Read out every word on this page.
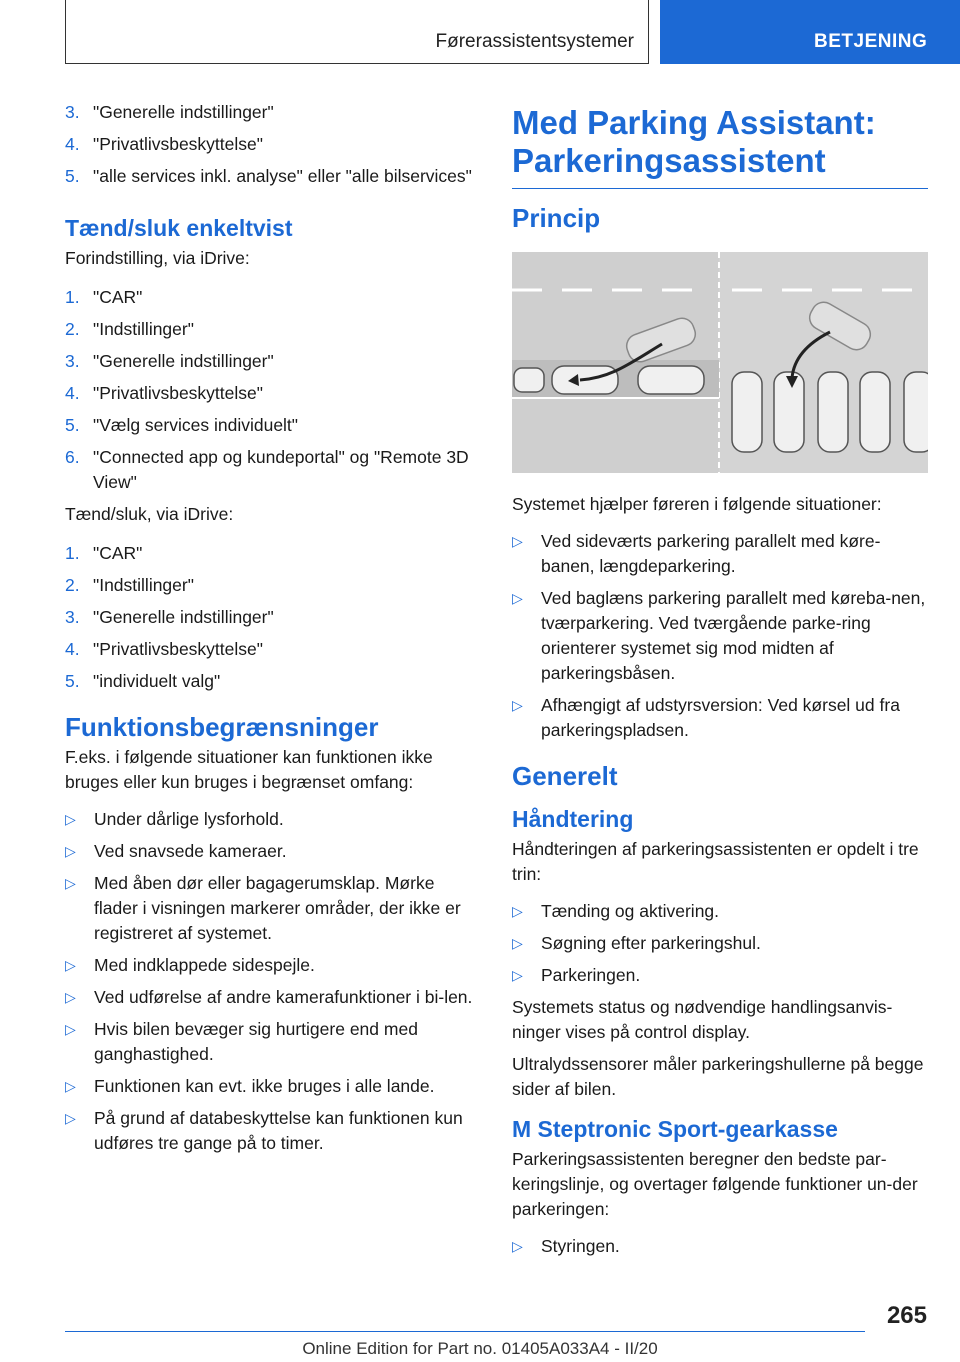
Førerassistentsystemer	BETJENING
3. "Generelle indstillinger"
4. "Privatlivsbeskyttelse"
5. "alle services inkl. analyse" eller "alle bilservices"
Tænd/sluk enkeltvist

Forindstilling, via iDrive:

1. "CAR"
2. "Indstillinger"
3. "Generelle indstillinger"
4. "Privatlivsbeskyttelse"
5. "Vælg services individuelt"
6. "Connected app og kundeportal" og "Remote 3D View"

Tænd/sluk, via iDrive:

1. "CAR"
2. "Indstillinger"
3. "Generelle indstillinger"
4. "Privatlivsbeskyttelse"
5. "individuelt valg"
Funktionsbegrænsninger

F.eks. i følgende situationer kan funktionen ikke bruges eller kun bruges i begrænset omfang:

▷ Under dårlige lysforhold.
▷ Ved snavsede kameraer.
▷ Med åben dør eller bagagerumsklap. Mørke flader i visningen markerer områder, der ikke er registreret af systemet.
▷ Med indklappede sidespejle.
▷ Ved udførelse af andre kamerafunktioner i bi-len.
▷ Hvis bilen bevæger sig hurtigere end med ganghastighed.
▷ Funktionen kan evt. ikke bruges i alle lande.
▷ På grund af databeskyttelse kan funktionen kun udføres tre gange på to timer.
Med Parking Assistant: Parkeringsassistent
Princip

Systemet hjælper føreren i følgende situationer:

▷ Ved sideværts parkering parallelt med køre-banen, længdeparkering.
▷ Ved baglæns parkering parallelt med køreba-nen, tværparkering. Ved tværgående parke-ring orienterer systemet sig mod midten af parkeringsbåsen.
▷ Afhængigt af udstyrsversion: Ved kørsel ud fra parkeringspladsen.
Generelt
Håndtering

Håndteringen af parkeringsassistenten er opdelt i tre trin:

▷ Tænding og aktivering.
▷ Søgning efter parkeringshul.
▷ Parkeringen.

Systemets status og nødvendige handlingsanvis-ninger vises på control display.

Ultralydssensorer måler parkeringshullerne på begge sider af bilen.

M Steptronic Sport-gearkasse

Parkeringsassistenten beregner den bedste par-keringslinje, og overtager følgende funktioner un-der parkeringen:

▷ Styringen.
265
Online Edition for Part no. 01405A033A4 - II/20
